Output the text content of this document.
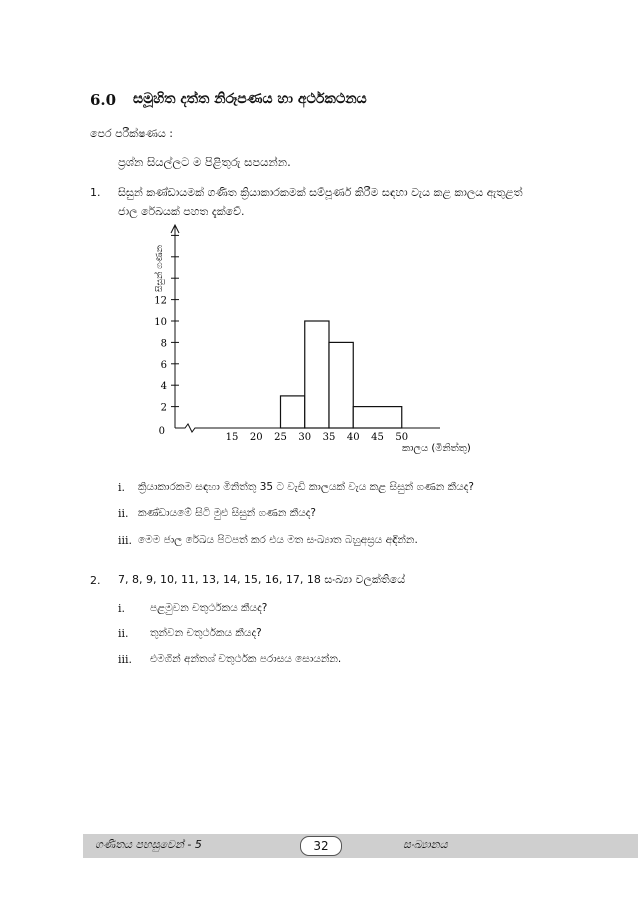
6.0 සමූහිත දත්ත නිරූපණය හා අර්ථකථනය
පෙර පරීක්ෂණය :
ප්‍රශ්න සියල්ලට ම පිළිතුරු සපයන්න.
1. සිසුන් කණ්ඩායමක් ගණිත ක්‍රියාකාරකමක් සම්පූර්ණ කිරීම සඳහා වැය කළ කාලය ඇතුළත්
ජාල රේඛයක් පහත දැක්වේ.
0
2
4
6
8
10
12
15 20 25 30 35 40 45 50
කාලය (මිනිත්තු)
සිසුන් ගණන
i. ක්‍රියාකාරකම සඳහා මිනිත්තු 35 ට වැඩි කාලයක් වැය කළ සිසුන් ගණන කීයද?
ii. කණ්ඩායමේ සිටි මුළු සිසුන් ගණන කීයද?
iii. මෙම ජාල රේඛය පිටපත් කර එය මත සංඛ්‍යාත බහුඅස්‍රය අඳින්න.
2. 7, 8, 9, 10, 11, 13, 14, 15, 16, 17, 18 සංඛ්‍යා වලක්තියේ
i. පළමුවන චතුර්ථකය කීයද?
ii. තුන්වන චතුර්ථකය කීයද?
iii. එමගින් අන්තශ් චතුර්ථක පරාසය සොයන්න.
ගණිතය පහසුවෙන් - 5	32	සංඛ්‍යානය
